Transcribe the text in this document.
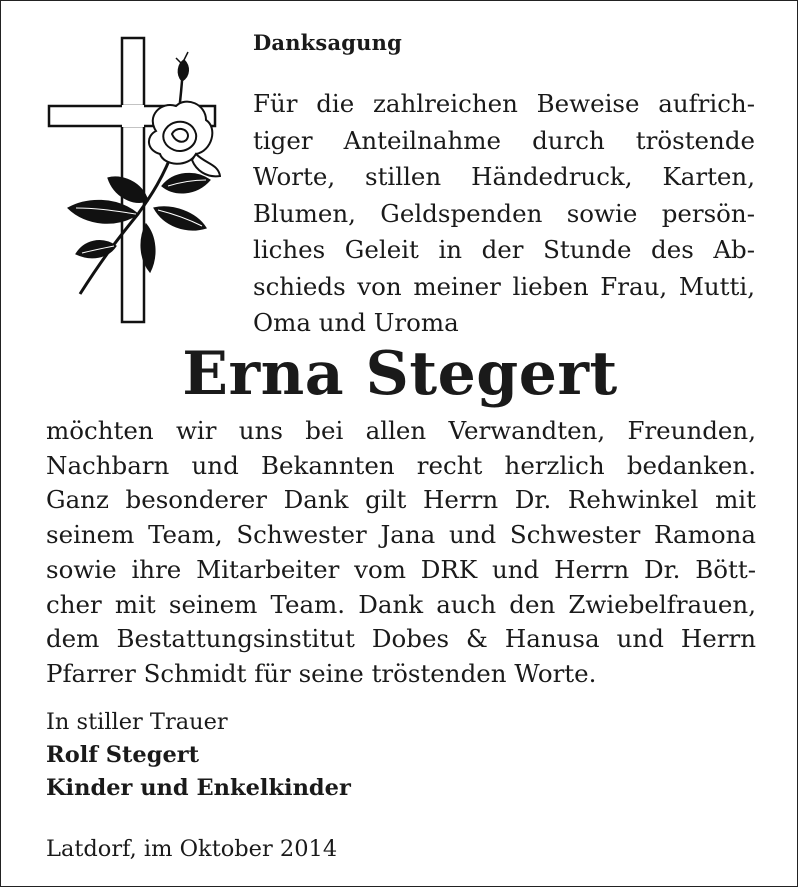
Danksagung
Für die zahlreichen Beweise aufrich-
tiger Anteilnahme durch tröstende
Worte, stillen Händedruck, Karten,
Blumen, Geldspenden sowie persön-
liches Geleit in der Stunde des Ab-
schieds von meiner lieben Frau, Mutti,
Oma und Uroma
Erna Stegert
möchten wir uns bei allen Verwandten, Freunden,
Nachbarn und Bekannten recht herzlich bedanken.
Ganz besonderer Dank gilt Herrn Dr. Rehwinkel mit
seinem Team, Schwester Jana und Schwester Ramona
sowie ihre Mitarbeiter vom DRK und Herrn Dr. Bött-
cher mit seinem Team. Dank auch den Zwiebelfrauen,
dem Bestattungsinstitut Dobes & Hanusa und Herrn
Pfarrer Schmidt für seine tröstenden Worte.
In stiller Trauer
Rolf Stegert
Kinder und Enkelkinder
Latdorf, im Oktober 2014
